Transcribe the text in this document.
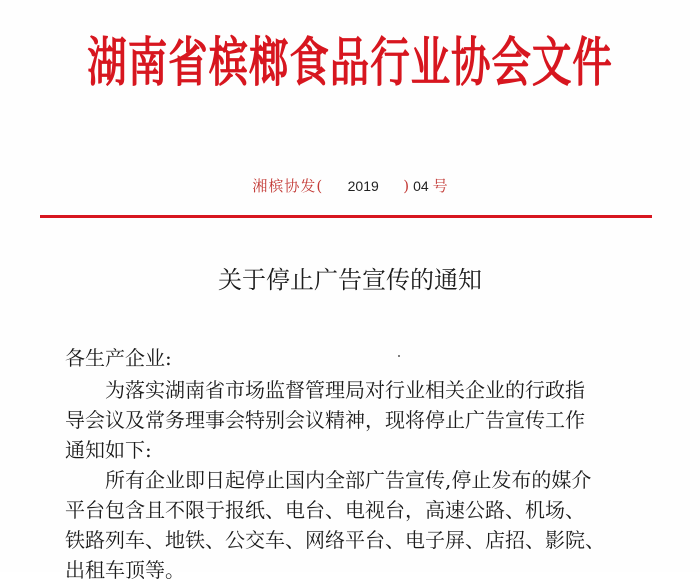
湖南省槟榔食品行业协会文件
湘槟协发( 2019 ) 04 号
关于停止广告宣传的通知
各生产企业:
为落实湖南省市场监督管理局对行业相关企业的行政指
导会议及常务理事会特别会议精神，现将停止广告宣传工作
通知如下:
所有企业即日起停止国内全部广告宣传,停止发布的媒介
平台包含且不限于报纸、电台、电视台，高速公路、机场、
铁路列车、地铁、公交车、网络平台、电子屏、店招、影院、
出租车顶等。
